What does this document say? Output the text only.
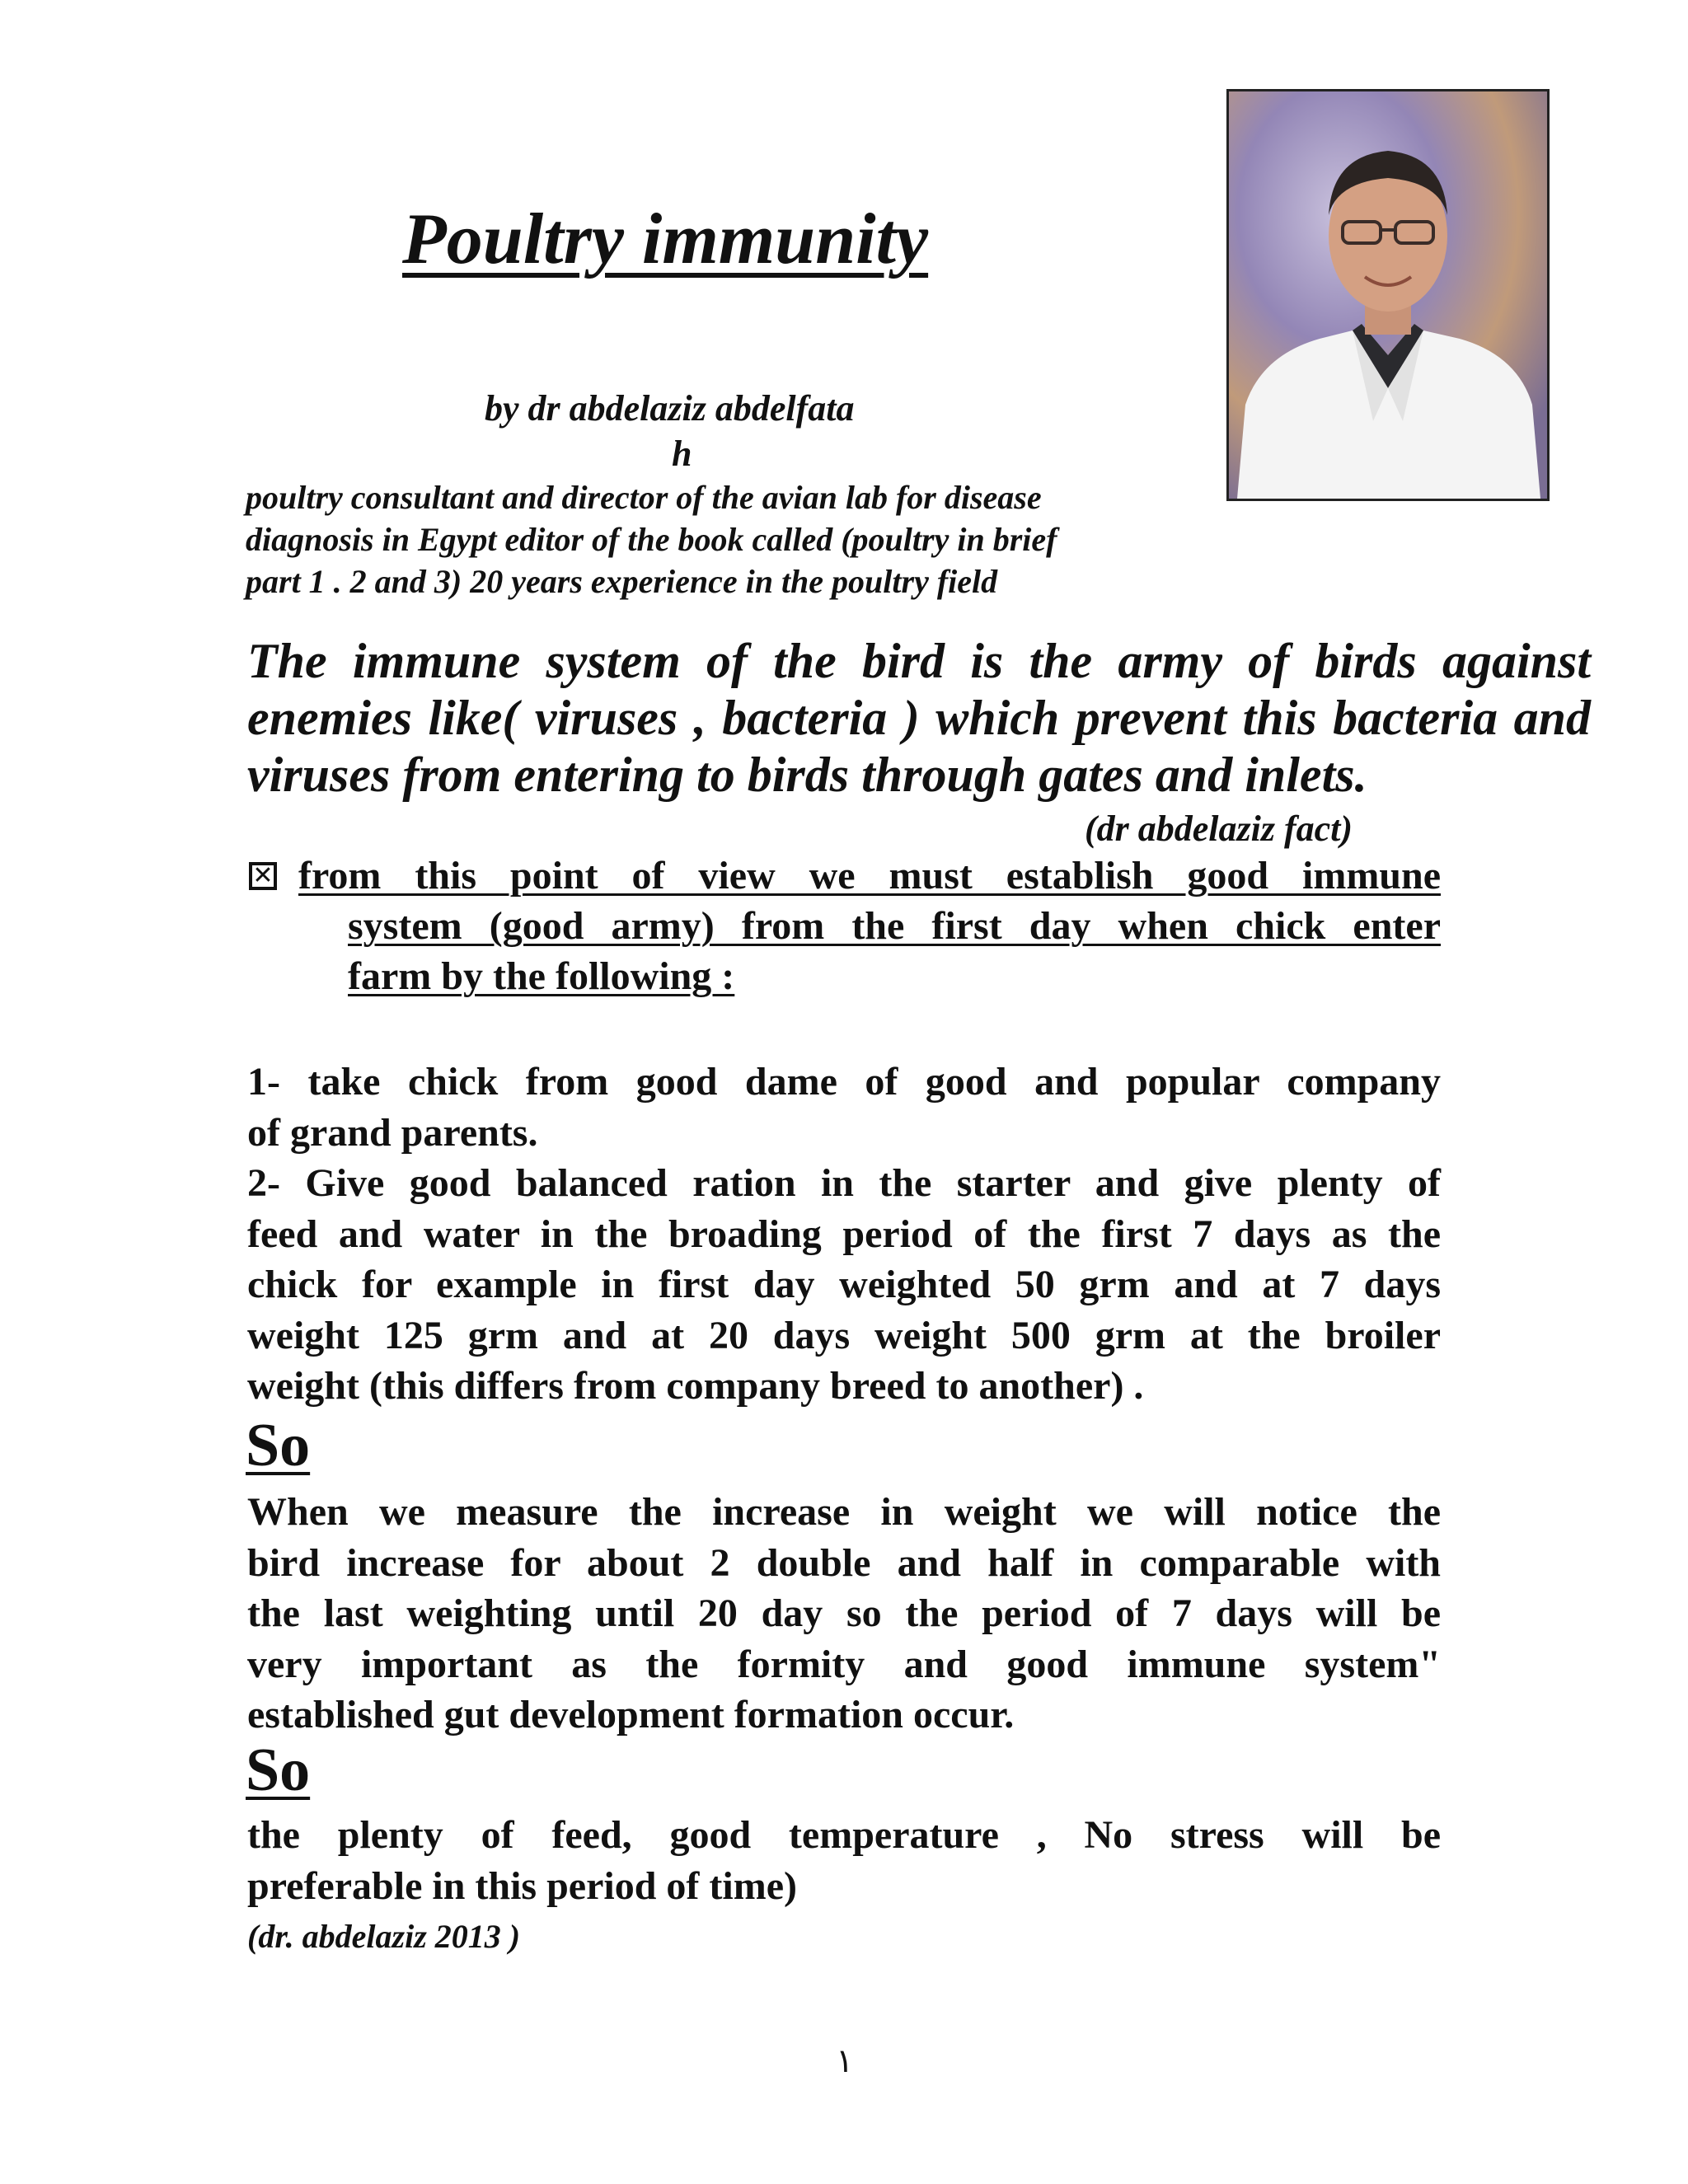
Poultry immunity
by dr abdelaziz abdelfata
h
poultry consultant and director of the avian lab for disease
diagnosis in Egypt editor of the book called (poultry in brief
part 1 . 2 and 3) 20 years experience in the poultry field
The immune system of the bird is the army of birds against
enemies like( viruses , bacteria ) which prevent this bacteria and
viruses from entering to birds through gates and inlets.
(dr abdelaziz fact)
✕ from this point of view we must establish good immune
system (good army) from the first day when chick enter
farm by the following :
1- take chick from good dame of good and popular company
of grand parents.
2- Give good balanced ration in the starter and give plenty of
feed and water in the broading period of the first 7 days as the
chick for example in first day weighted 50 grm and at 7 days
weight 125 grm and at 20 days weight 500 grm at the broiler
weight (this differs from company breed to another) .
So
When we measure the increase in weight we will notice the
bird increase for about 2 double and half in comparable with
the last weighting until 20 day so the period of 7 days will be
very important as the formity and good immune system"
established gut development formation occur.
So
the plenty of feed, good temperature , No stress will be
preferable in this period of time)
(dr. abdelaziz 2013 )
١
